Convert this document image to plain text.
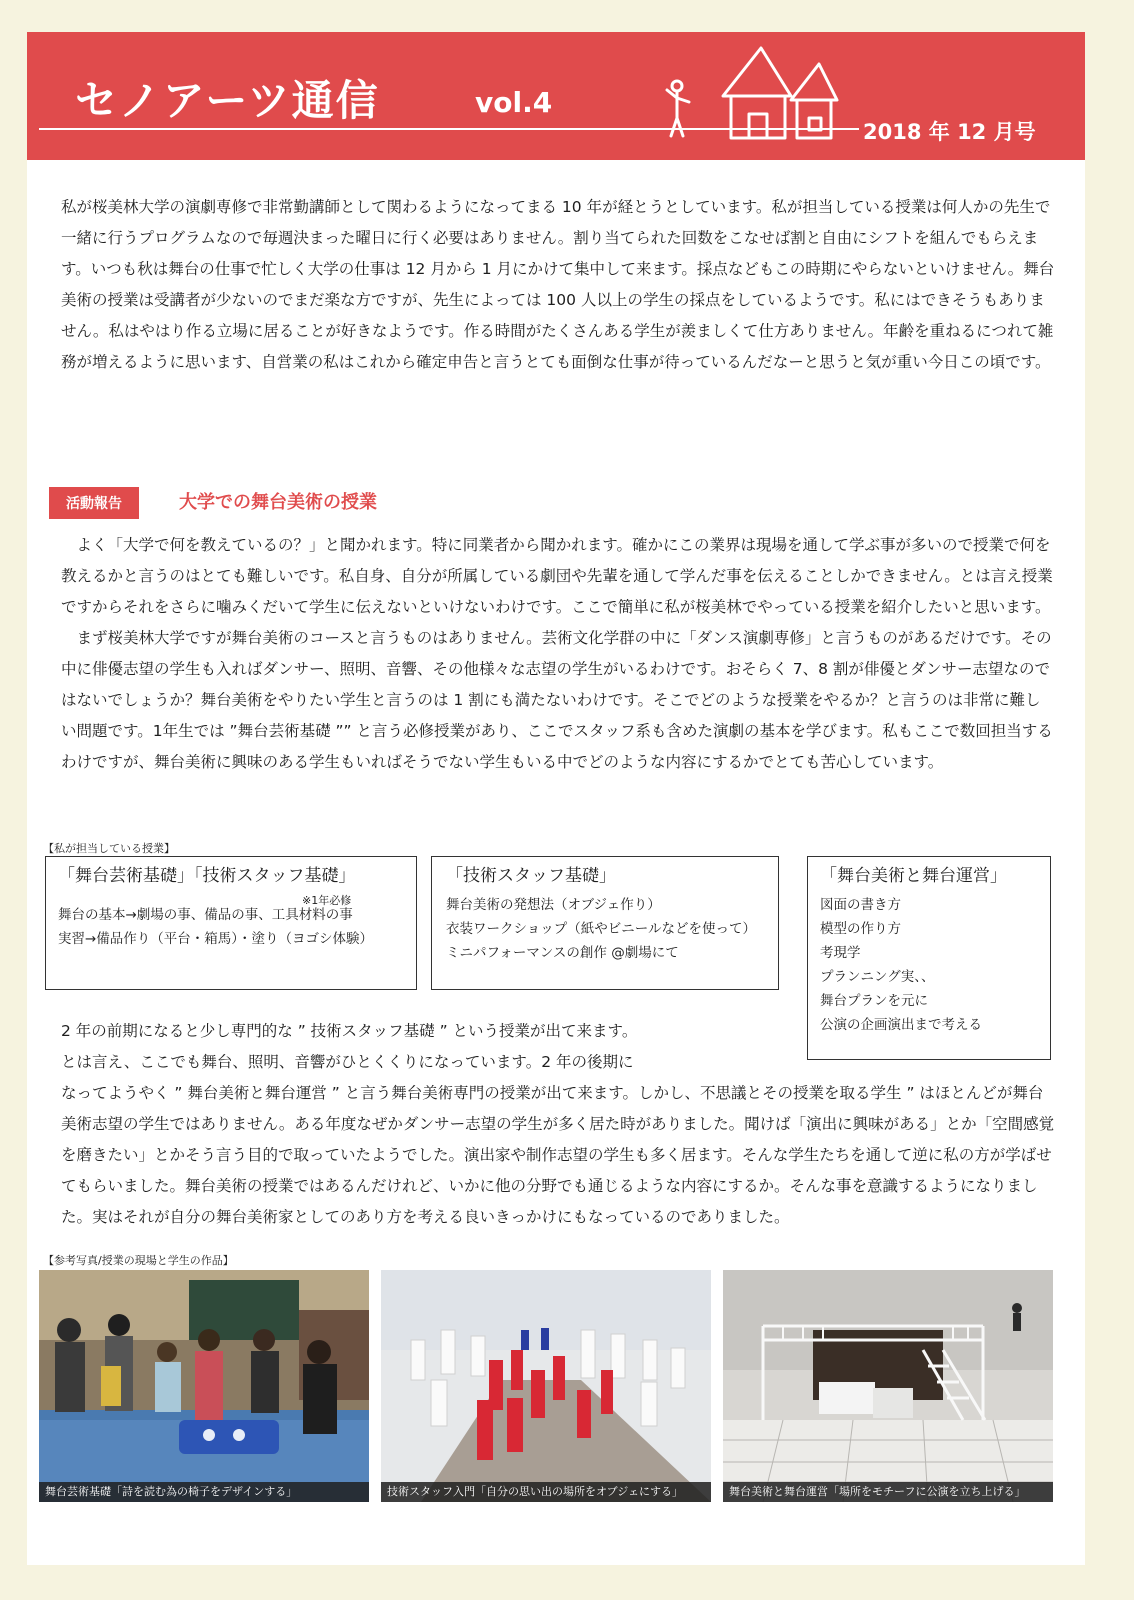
セノアーツ通信	vol.4
2018 年 12 月号

私が桜美林大学の演劇専修で非常勤講師として関わるようになってまる 10 年が経とうとしています。私が担当している授業は何人かの先生で一緒に行うプログラムなので毎週決まった曜日に行く必要はありません。割り当てられた回数をこなせば割と自由にシフトを組んでもらえます。いつも秋は舞台の仕事で忙しく大学の仕事は 12 月から 1 月にかけて集中して来ます。採点などもこの時期にやらないといけません。舞台美術の授業は受講者が少ないのでまだ楽な方ですが、先生によっては 100 人以上の学生の採点をしているようです。私にはできそうもありません。私はやはり作る立場に居ることが好きなようです。作る時間がたくさんある学生が羨ましくて仕方ありません。年齢を重ねるにつれて雑務が増えるように思います、自営業の私はこれから確定申告と言うとても面倒な仕事が待っているんだなーと思うと気が重い今日この頃です。

活動報告	大学での舞台美術の授業

よく「大学で何を教えているの？」と聞かれます。特に同業者から聞かれます。確かにこの業界は現場を通して学ぶ事が多いので授業で何を教えるかと言うのはとても難しいです。私自身、自分が所属している劇団や先輩を通して学んだ事を伝えることしかできません。とは言え授業ですからそれをさらに噛みくだいて学生に伝えないといけないわけです。ここで簡単に私が桜美林でやっている授業を紹介したいと思います。

まず桜美林大学ですが舞台美術のコースと言うものはありません。芸術文化学群の中に「ダンス演劇専修」と言うものがあるだけです。その中に俳優志望の学生も入ればダンサー、照明、音響、その他様々な志望の学生がいるわけです。おそらく 7、8 割が俳優とダンサー志望なのではないでしょうか？舞台美術をやりたい学生と言うのは 1 割にも満たないわけです。そこでどのような授業をやるか？と言うのは非常に難しい問題です。1年生では ”舞台芸術基礎 ”” と言う必修授業があり、ここでスタッフ系も含めた演劇の基本を学びます。私もここで数回担当するわけですが、舞台美術に興味のある学生もいればそうでない学生もいる中でどのような内容にするかでとても苦心しています。

【私が担当している授業】
「舞台芸術基礎」「技術スタッフ基礎」
※1年必修
舞台の基本→劇場の事、備品の事、工具材料の事
実習→備品作り（平台・箱馬）・塗り（ヨゴシ体験）
「技術スタッフ基礎」
舞台美術の発想法（オブジェ作り）
衣装ワークショップ（紙やビニールなどを使って）
ミニパフォーマンスの創作 @劇場にて
「舞台美術と舞台運営」
図面の書き方
模型の作り方
考現学
プランニング実、、
舞台プランを元に
公演の企画演出まで考える
2 年の前期になると少し専門的な ” 技術スタッフ基礎 ” という授業が出て来ます。
とは言え、ここでも舞台、照明、音響がひとくくりになっています。2 年の後期に
なってようやく ” 舞台美術と舞台運営 ” と言う舞台美術専門の授業が出て来ます。しかし、不思議とその授業を取る学生 ” はほとんどが舞台美術志望の学生ではありません。ある年度なぜかダンサー志望の学生が多く居た時がありました。聞けば「演出に興味がある」とか「空間感覚を磨きたい」とかそう言う目的で取っていたようでした。演出家や制作志望の学生も多く居ます。そんな学生たちを通して逆に私の方が学ばせてもらいました。舞台美術の授業ではあるんだけれど、いかに他の分野でも通じるような内容にするか。そんな事を意識するようになりました。実はそれが自分の舞台美術家としてのあり方を考える良いきっかけにもなっているのでありました。
【参考写真/授業の現場と学生の作品】
舞台芸術基礎「詩を読む為の椅子をデザインする」	技術スタッフ入門「自分の思い出の場所をオブジェにする」	舞台美術と舞台運営「場所をモチーフに公演を立ち上げる」
